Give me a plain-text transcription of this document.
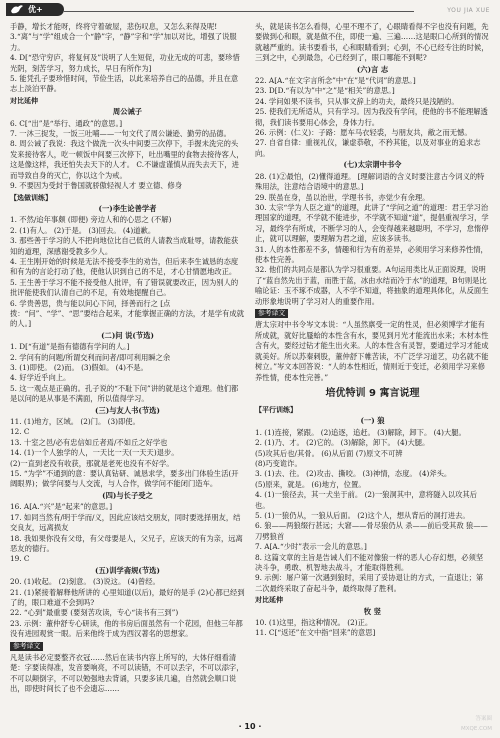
优+	YOU JIA XUE

手静，增长才能呀，终将守着破屋，悲伤叹息，又怎么来得及呢!

3.“离”与“学”组成合一个“静”字，“静”字和“学”加以对比，增强了说服力。

4. D[“恐守穷庐，将复何及”说明了人生短促，功业无成的可悲，要珍惜光阴，刻苦学习，努力成长，早日有所作为]

5. 能凭孔子要珍惜时间，节俭生活，以此来培养自己的品德，并且在意志上淡泊平静。

对比延伸

周公诫子

6. C[“出”是“举行、通政”的意思。]

7. 一沐三捉发，一饭三吐哺——一句文代了周公谦逊、勤劳的品德。

8. 周公诫了我说：我这个做洗一次头中间要三次停下，手握未洗完的头发来接待客人，吃一顿饭中间要三次停下，吐出嘴里的食物去接待客人，这是像这样，我还怕失去天下的人才。 C.不谦虚谨慎从而失去天下，进而导致自身的灭亡，你以这个为戒。

9. 不要因为受封于鲁国就骄傲轻视人才 要立德、修身

【选做训练】

(一)李生论善学者

1. 不然/迨年事颇 (即便) 旁边人和的心思之 (不解)

2. (1)有人。 (2)于是。 (3)回去。 (4)道歉。

3. 那些善于学习的人不把向地位比自己低的人请教当成耻辱，请教能获知的道理，深感谢受教多少人。

4. 王生刚开始的时候是无法不接受李生的劝告，但后来李生诚恳的态度和有为的言论打动了他，使他认识到自己的不足，才心甘情愿地改正。

5. 王生善于学习不能不接受他人批评，有了错误就要改正，因为别人的批评能使我们认清自己的不足，有效地提醒自己。

6. 学贵善思，贵与能以问心下问，择善而行之 [点拨：“问”、“学”、“思”要结合起来，才能掌握正确的方法，才是学有成就的人。]

(二)问 说(节选)

1. D[“有道”是指有德德有学问的人。]

2. 学问有的问题/所谓交利而问者/即可利用瞬之余

3. (1)即使。 (2)而。 (3)假如。 (4)不是。

4. 好学近乎向上。

5. 这一观点是正确的。孔子说的“不耻下问”讲的就是这个道理。他们都是以问的是从事是不满面，所以值得学习。

(三)与友人书(节选)

11. (1)地方，区域。 (2)门。 (3)即使。

12. C

13. 十室之邑/必有忠信如丘者焉/不如丘之好学也

14. (1)一个人独学的人，一天比一天(一天天)退步。

(2)一直到老没有收获，那就是老死也没有不好学。

15. “为学”不通到的意：要认真钻研、诚恳求学，要多出门体验生活(开阔眼界)；做学问要与人交流，与人合作，做学问不能闭门造车。

(四)与长子受之

16. A[A.“兴”是“起来”的意思。]

17. 如同当然有/明于学而/义，因此应该结交朋友，同时要选择朋友，结交良友，远离损友

18. 我如果你没有父母，有父母要是人，父兄子，应该天的有为亲，远离恶友的德行。

19. C

(五)训学斋规(节选)

20. (1)收起。 (2)刻意。 (3)说这。 (4)曾经。

21. (1)紧接着解释他所讲的 心里知道(以后)，最好的是手 (2)心都已经到了的，眼口难道不会到吗?

22. “心到”最重要 (要刻苦攻读，专心“读书有三到”)

23. 示例：董仲舒专心研读，他的书房后面虽然有一个花园，但他三年都没有进园观赏一眼。后来他终于成为西汉著名的思想家。

参考译文

凡是读书必定要整齐衣冠……然后在读书内容上所写的，大体仔细看清楚：字要读得准，发音要响亮，不可以读错，不可以丢字，不可以添字，不可以颠倒字，不可以勉强地去背诵，只要多读几遍，自然就会顺口说出，即使时间长了也不会遗忘……

头，就是读书怎么看得，心里不理不了，心眼睛看得不字也没有问题，先要做到心和眼，就是做不住，即使一遍、三遍……这是眼口心所到的情况就越严重的。读书要看书，心和眼睛看到；心到，不心已经专注的时候，三到之中，心到最急，心已经到了，眼口哪能不到呢?

(六)言 志

22. A[A.“在文字言所念”中“在”是“代词”的意思。]

23. D[D.“有以为”中“之”是“相关”的意思。]

24. 学问如果不读书，只从事文辞上的功夫，最终只是浅陋的。

25. 使我们无所适从，只有学习。因为我没有学问，使他的书不能理解透彻，我们读书要用心体会，身体力行。

26. 示例：(仁义)：子路：愿车马衣轻裘，与朋友共，敝之而无憾。

27. 自省自律：重视礼仪，谦虚恭敬，不矜其能，以及对事业的追求志向。

(七)太宗谓中书令

28. (1)②最怕，(2)懂得道理。 [理解词语的含义时要注意古今词义的特殊用法，注意结合语境中的意思。]

29. 朕虽在身，虽以治世，学理书书，亦觉少有余理。

30. 太宗“学为人臣之道”的道理，此讲了“学问之道”的道理：君王学习治理国家的道理，不学就不能进步，不学就不知道“道”，提倡重视学习，学习，最终学有所成，不断学习的人，会变得越来越聪明，不学习，怠惰停止，就可以理解，要理解为君之道，应该多读书。

31. 人的本性都差不多，情趣和行为有的差异，必须用学习来修养性情，使本性完善。

32. 他们的共同点是都认为学习很重要。A句运用类比从正面说理，说明了“蓝自然先出于蓝，而胜于蓝，冰由水结而冷于水”的道理，B句则是比喻论证：玉不琢不成器，人不学不知道，将抽象的道理具体化，从反面生动形象地说明了学习对人的重要作用。

参考译文

唐太宗对中书令岑文本说：“人虽然禀受一定的性灵，但必须博学才能有所成就，就好比蜃蛤的本性含有水，要见到月光才能流出水来；木材本性含有火，要经过钻才能生出火来。人的本性含有灵智，要通过学习才能成就美好。所以苏秦刺股，董仲舒下帷苦读，不广泛学习道艺，功名就不能树立。”岑文本回答说：“人的本性相近，情则近于变迁，必须用学习来修养性情，使本性完善。”

培优特训 9 寓言说理

【平行训练】

(一) 狼

1. (1)连接，紧跟。 (2)追逐，追赶。 (3)解除，卸下。 (4)大腿。

2. (1)乃、才。 (2)它的。 (3)解除，卸下。 (4)大腿。

(5)攻其后也/其骨。 (6)从后面 (7)原文不可辨

(8)巧变诡诈。

3. (1)去、往。 (2)攻击、撕咬。 (3)神情，态度。 (4)斧头。

(5)原来，就是。 (6)地方，位置。

4. (1)一狼径去，其一犬坐于前。 (2)一狼洞其中，意将隧入以攻其后也。

5. (1)一狼仍从，一狼从后面。 (2)这个人，想从背后的洞打进去。

6. 狼——两狼缀行甚远；大窘——骨尽狼仍从 杀——前后受其敌 狼——刀劈狼首

7. A[A.“少时”表示一会儿的意思。]

8. 这篇文章的主旨是告诫人们不能对像狼一样的恶人心存幻想，必须坚决斗争，勇敢、机智地去战斗，才能取得胜利。

9. 示例：屠户第一次遇到狼时，采用了妥协退让的方式，一直退让；第二次最终采取了奋起斗争，最终取得了胜利。

对比延伸

牧 竖

10. (1)这里，指这种情况。 (2)正。

11. C[“返还”在文中指“回来”的意思]

· 10 ·
答案圈 MXQE.COM
